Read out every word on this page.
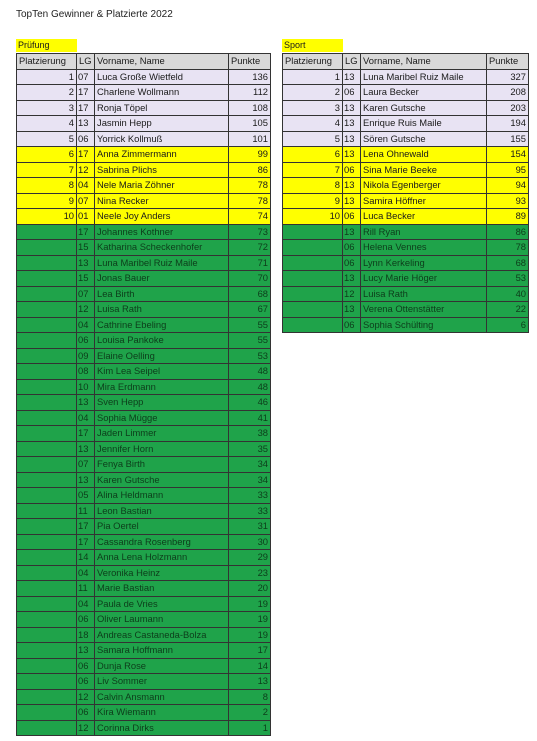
TopTen Gewinner & Platzierte 2022
Prüfung	Sport
Platzierung	LG	Vorname, Name	Punkte
1	07	Luca Große Wietfeld	136
2	17	Charlene Wollmann	112
3	17	Ronja Töpel	108
4	13	Jasmin Hepp	105
5	06	Yorrick Kollmuß	101
6	17	Anna Zimmermann	99
7	12	Sabrina Plichs	86
8	04	Nele Maria Zöhner	78
9	07	Nina Recker	78
10	01	Neele Joy Anders	74
	17	Johannes Kothner	73
	15	Katharina Scheckenhofer	72
	13	Luna Maribel Ruiz Maile	71
	15	Jonas Bauer	70
	07	Lea Birth	68
	12	Luisa Rath	67
	04	Cathrine Ebeling	55
	06	Louisa Pankoke	55
	09	Elaine Oelling	53
	08	Kim Lea Seipel	48
	10	Mira Erdmann	48
	13	Sven Hepp	46
	04	Sophia Mügge	41
	17	Jaden Limmer	38
	13	Jennifer Horn	35
	07	Fenya Birth	34
	13	Karen Gutsche	34
	05	Alina Heldmann	33
	11	Leon Bastian	33
	17	Pia Oertel	31
	17	Cassandra Rosenberg	30
	14	Anna Lena Holzmann	29
	04	Veronika Heinz	23
	11	Marie Bastian	20
	04	Paula de Vries	19
	06	Oliver Laumann	19
	18	Andreas Castaneda-Bolza	19
	13	Samara Hoffmann	17
	06	Dunja Rose	14
	06	Liv Sommer	13
	12	Calvin Ansmann	8
	06	Kira Wiemann	2
	12	Corinna Dirks	1
Platzierung	LG	Vorname, Name	Punkte
1	13	Luna Maribel Ruiz Maile	327
2	06	Laura Becker	208
3	13	Karen Gutsche	203
4	13	Enrique Ruis Maile	194
5	13	Sören Gutsche	155
6	13	Lena Ohnewald	154
7	06	Sina Marie Beeke	95
8	13	Nikola Egenberger	94
9	13	Samira Höffner	93
10	06	Luca Becker	89
	13	Rill Ryan	86
	06	Helena Vennes	78
	06	Lynn Kerkeling	68
	13	Lucy Marie Höger	53
	12	Luisa Rath	40
	13	Verena Ottenstätter	22
	06	Sophia Schülting	6
